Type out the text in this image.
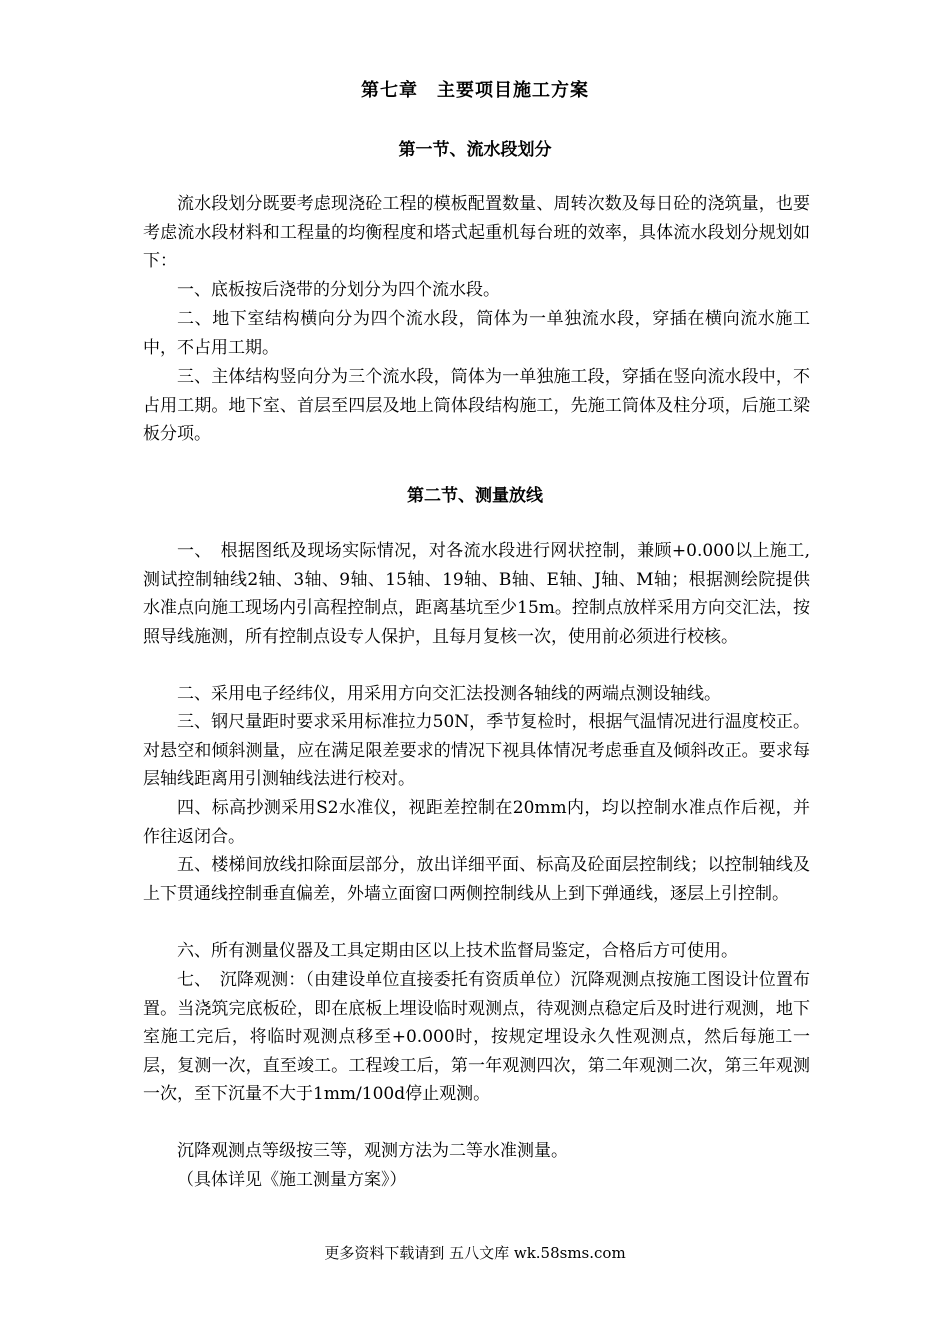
第七章　主要项目施工方案
第一节、流水段划分
流水段划分既要考虑现浇砼工程的模板配置数量、周转次数及每日砼的浇筑量，也要考虑流水段材料和工程量的均衡程度和塔式起重机每台班的效率，具体流水段划分规划如下：
一、底板按后浇带的分划分为四个流水段。
二、地下室结构横向分为四个流水段，筒体为一单独流水段，穿插在横向流水施工中，不占用工期。
三、主体结构竖向分为三个流水段，筒体为一单独施工段，穿插在竖向流水段中，不占用工期。地下室、首层至四层及地上筒体段结构施工，先施工筒体及柱分项，后施工梁板分项。
第二节、测量放线
一、　根据图纸及现场实际情况，对各流水段进行网状控制，兼顾+0.000以上施工,测试控制轴线2轴、3轴、9轴、15轴、19轴、B轴、E轴、J轴、M轴；根据测绘院提供水准点向施工现场内引高程控制点，距离基坑至少15m。控制点放样采用方向交汇法，按照导线施测，所有控制点设专人保护，且每月复核一次，使用前必须进行校核。
二、采用电子经纬仪，用采用方向交汇法投测各轴线的两端点测设轴线。
三、钢尺量距时要求采用标准拉力50N，季节复检时，根据气温情况进行温度校正。对悬空和倾斜测量，应在满足限差要求的情况下视具体情况考虑垂直及倾斜改正。要求每层轴线距离用引测轴线法进行校对。
四、标高抄测采用S2水准仪，视距差控制在20mm内，均以控制水准点作后视，并作往返闭合。
五、楼梯间放线扣除面层部分，放出详细平面、标高及砼面层控制线；以控制轴线及上下贯通线控制垂直偏差，外墙立面窗口两侧控制线从上到下弹通线，逐层上引控制。
六、所有测量仪器及工具定期由区以上技术监督局鉴定，合格后方可使用。
七、　沉降观测：（由建设单位直接委托有资质单位）沉降观测点按施工图设计位置布置。当浇筑完底板砼，即在底板上埋设临时观测点，待观测点稳定后及时进行观测，地下室施工完后，将临时观测点移至+0.000时，按规定埋设永久性观测点，然后每施工一层，复测一次，直至竣工。工程竣工后，第一年观测四次，第二年观测二次，第三年观测一次，至下沉量不大于1mm/100d停止观测。
沉降观测点等级按三等，观测方法为二等水准测量。
（具体详见《施工测量方案》）
更多资料下载请到 五八文库 wk.58sms.com
